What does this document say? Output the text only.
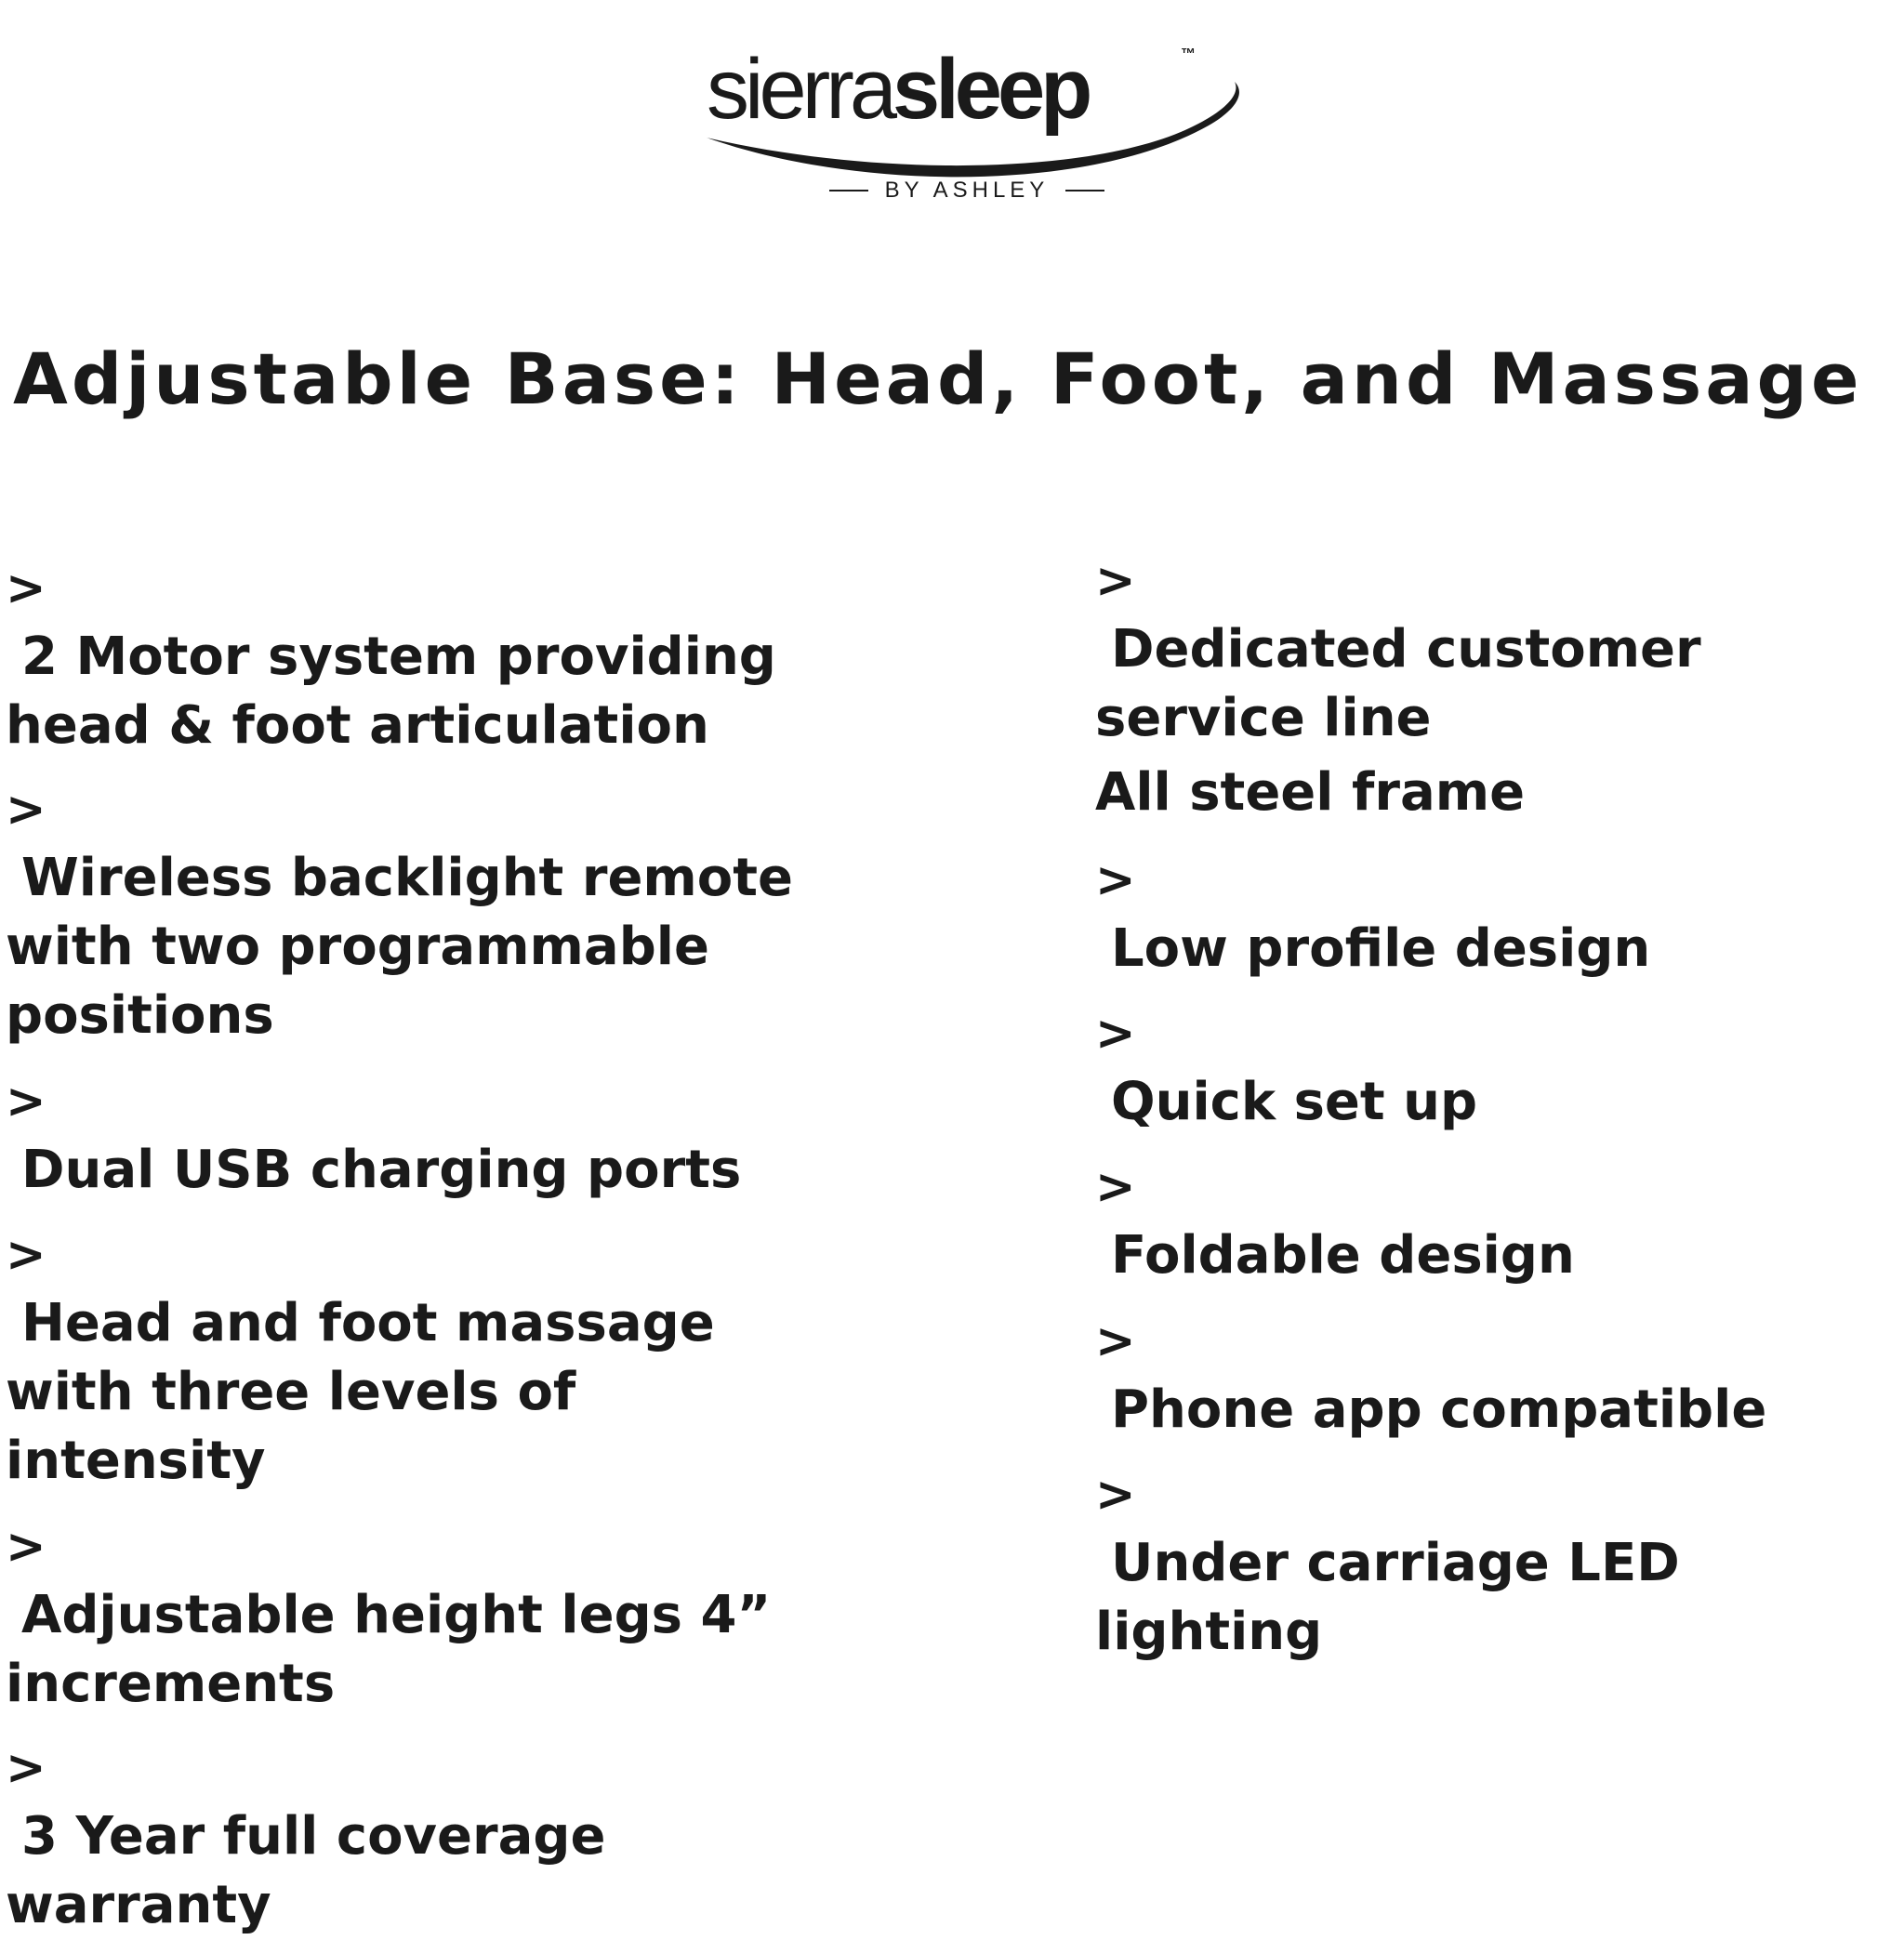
sierrasleep	™
BY ASHLEY
Adjustable Base: Head, Foot, and Massage
>
2 Motor system providing
head & foot articulation
>
Wireless backlight remote
with two programmable
positions
>
Dual USB charging ports
>
Head and foot massage
with three levels of
intensity
>
Adjustable height legs 4”
increments
>
3 Year full coverage
warranty
>
Dedicated customer
service line
All steel frame
>
Low profile design
>
Quick set up
>
Foldable design
>
Phone app compatible
>
Under carriage LED
lighting
